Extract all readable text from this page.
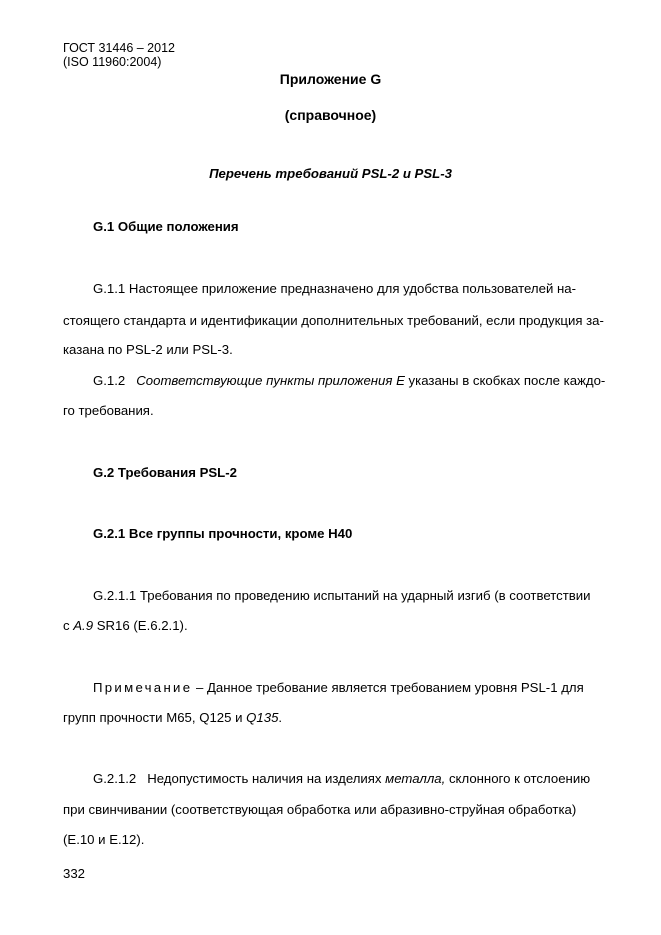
ГОСТ 31446 – 2012
(ISO 11960:2004)
Приложение G
(справочное)
Перечень требований PSL-2 и PSL-3
G.1 Общие положения
G.1.1 Настоящее приложение предназначено для удобства пользователей на-
стоящего стандарта и идентификации дополнительных требований, если продукция за-
казана по PSL-2 или PSL-3.
G.1.2   Соответствующие пункты приложения Е указаны в скобках после каждо-
го требования.
G.2 Требования PSL-2
G.2.1 Все группы прочности, кроме Н40
G.2.1.1 Требования по проведению испытаний на ударный изгиб (в соответствии
с A.9 SR16 (Е.6.2.1).
Примечание – Данное требование является требованием уровня PSL-1 для
групп прочности М65, Q125 и Q135.
G.2.1.2   Недопустимость наличия на изделиях металла, склонного к отслоению
при свинчивании (соответствующая обработка или абразивно-струйная обработка)
(Е.10 и Е.12).
332
